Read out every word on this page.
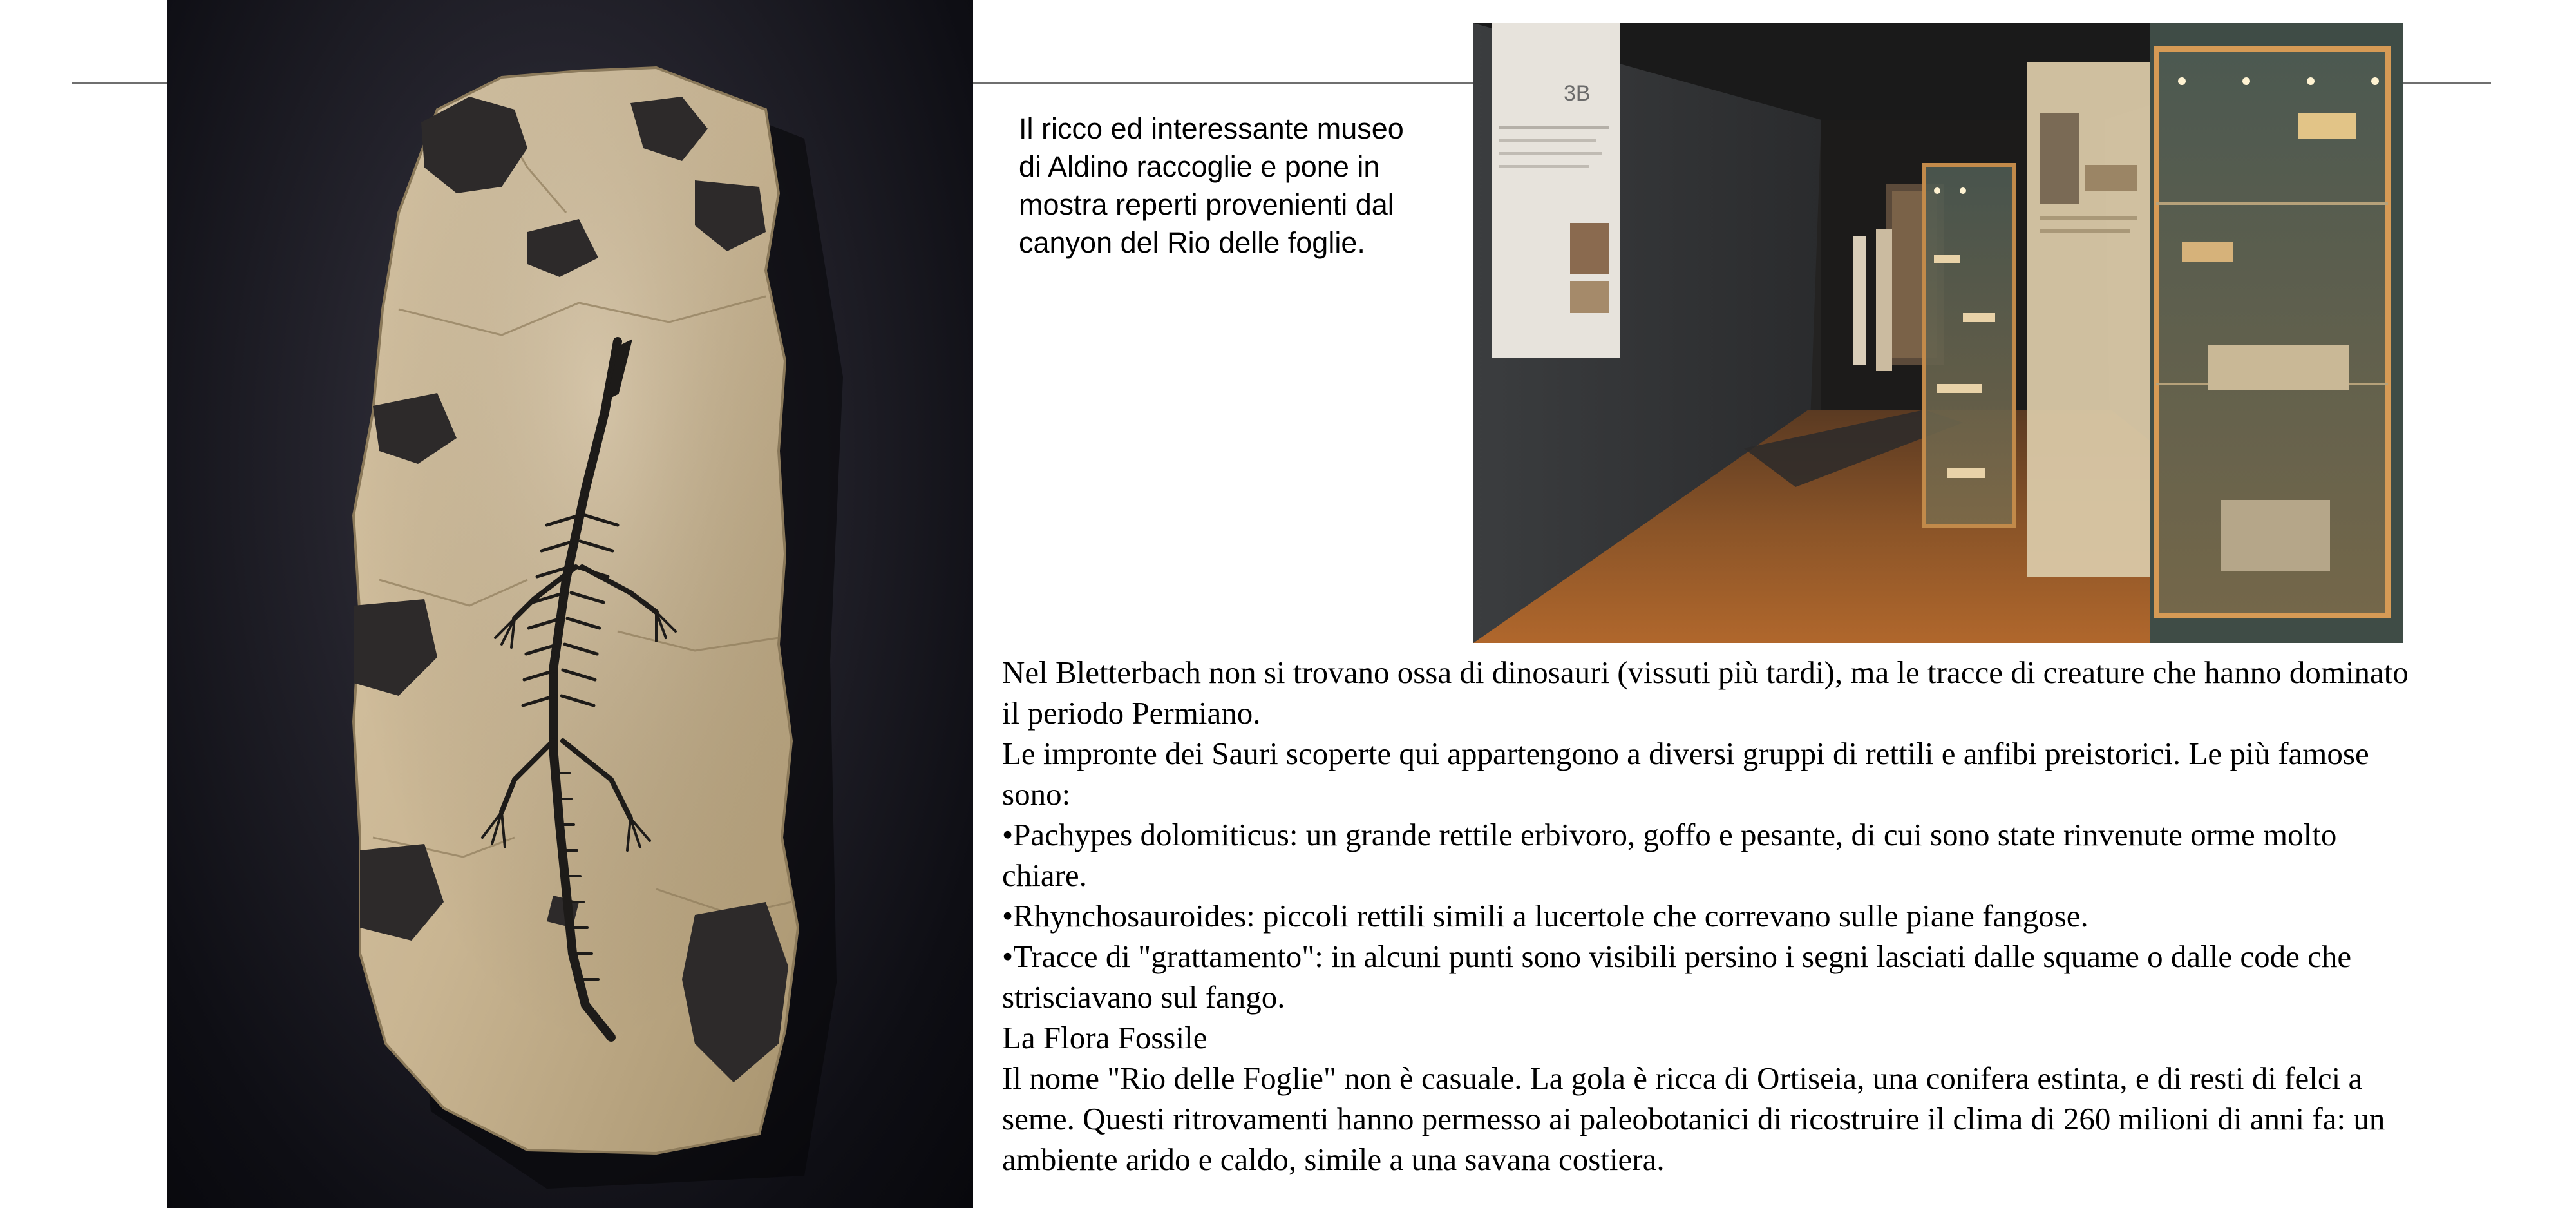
Il ricco ed interessante museo
di Aldino raccoglie e pone in
mostra reperti provenienti dal
canyon del Rio delle foglie.
3B

Nel Bletterbach non si trovano ossa di dinosauri (vissuti più tardi), ma le tracce di creature che hanno dominato
il periodo Permiano.

Le impronte dei Sauri scoperte qui appartengono a diversi gruppi di rettili e anfibi preistorici. Le più famose
sono:

•Pachypes dolomiticus: un grande rettile erbivoro, goffo e pesante, di cui sono state rinvenute orme molto
chiare.

•Rhynchosauroides: piccoli rettili simili a lucertole che correvano sulle piane fangose.

•Tracce di "grattamento": in alcuni punti sono visibili persino i segni lasciati dalle squame o dalle code che
strisciavano sul fango.

La Flora Fossile

Il nome "Rio delle Foglie" non è casuale. La gola è ricca di Ortiseia, una conifera estinta, e di resti di felci a
seme. Questi ritrovamenti hanno permesso ai paleobotanici di ricostruire il clima di 260 milioni di anni fa: un
ambiente arido e caldo, simile a una savana costiera.
